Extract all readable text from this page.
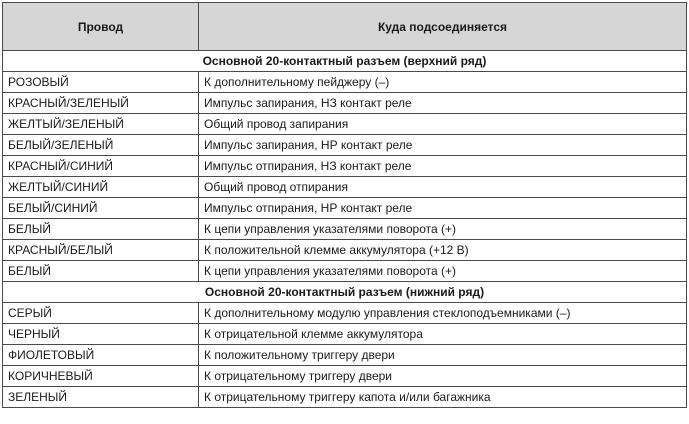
Провод	Куда подсоединяется
Основной 20-контактный разъем (верхний ряд)	
РОЗОВЫЙ	К дополнительному пейджеру (–)
КРАСНЫЙ/ЗЕЛЕНЫЙ	Импульс запирания, НЗ контакт реле
ЖЕЛТЫЙ/ЗЕЛЕНЫЙ	Общий провод запирания
БЕЛЫЙ/ЗЕЛЕНЫЙ	Импульс запирания, НР контакт реле
КРАСНЫЙ/СИНИЙ	Импульс отпирания, НЗ контакт реле
ЖЕЛТЫЙ/СИНИЙ	Общий провод отпирания
БЕЛЫЙ/СИНИЙ	Импульс отпирания, НР контакт реле
БЕЛЫЙ	К цепи управления указателями поворота (+)
КРАСНЫЙ/БЕЛЫЙ	К положительной клемме аккумулятора (+12 В)
БЕЛЫЙ	К цепи управления указателями поворота (+)
Основной 20-контактный разъем (нижний ряд)	
СЕРЫЙ	К дополнительному модулю управления стеклоподъемниками (–)
ЧЕРНЫЙ	К отрицательной клемме аккумулятора
ФИОЛЕТОВЫЙ	К положительному триггеру двери
КОРИЧНЕВЫЙ	К отрицательному триггеру двери
ЗЕЛЕНЫЙ	К отрицательному триггеру капота и/или багажника
